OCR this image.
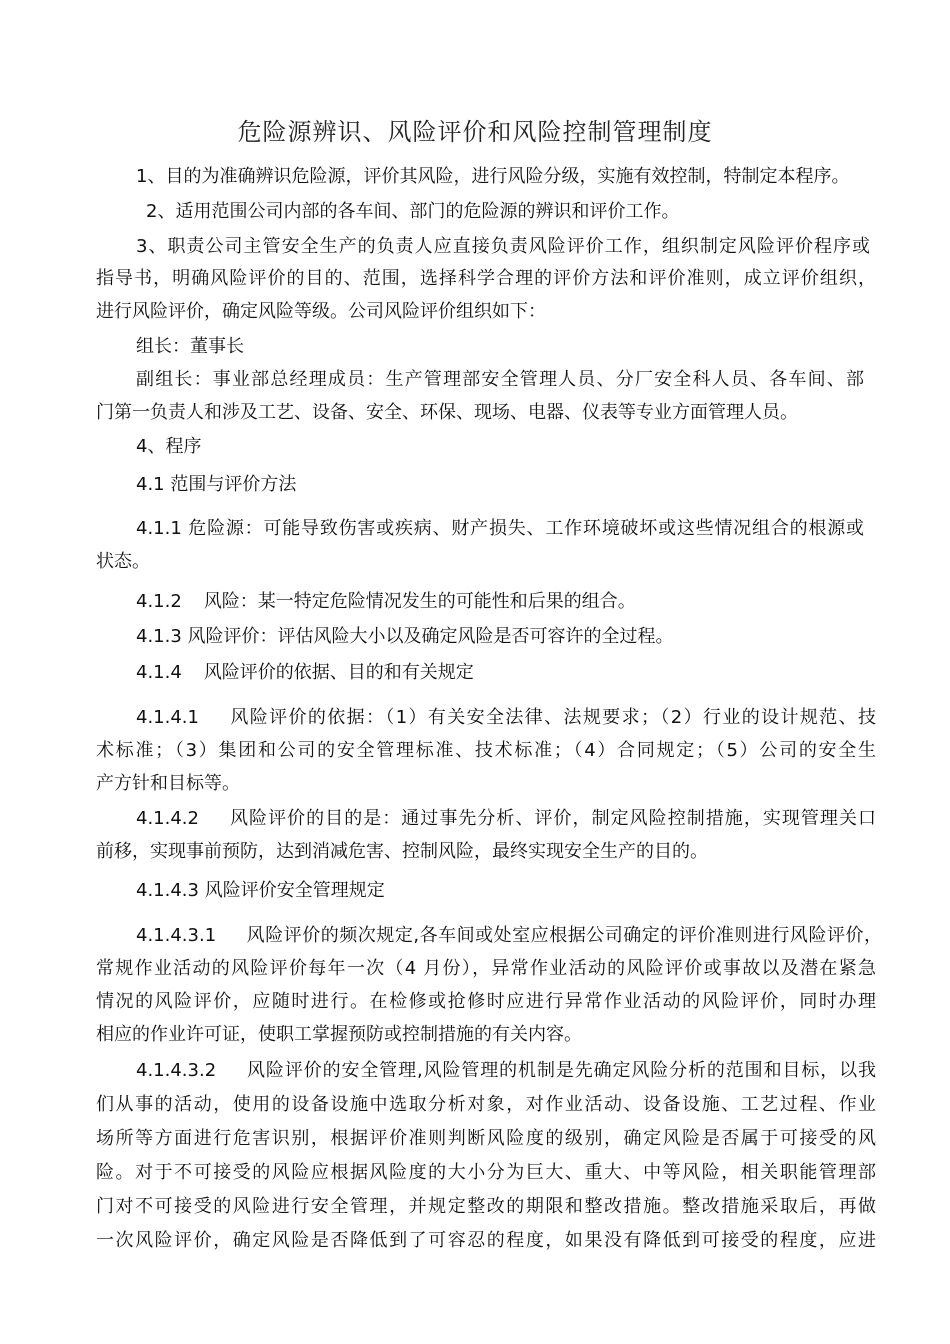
危险源辨识、风险评价和风险控制管理制度
1、目的为准确辨识危险源，评价其风险，进行风险分级，实施有效控制，特制定本程序。
2、适用范围公司内部的各车间、部门的危险源的辨识和评价工作。
3、职责公司主管安全生产的负责人应直接负责风险评价工作，组织制定风险评价程序或
指导书，明确风险评价的目的、范围，选择科学合理的评价方法和评价准则，成立评价组织，
进行风险评价，确定风险等级。公司风险评价组织如下：
组长：董事长
副组长：事业部总经理成员：生产管理部安全管理人员、分厂安全科人员、各车间、部
门第一负责人和涉及工艺、设备、安全、环保、现场、电器、仪表等专业方面管理人员。
4、程序
4.1 范围与评价方法
4.1.1 危险源：可能导致伤害或疾病、财产损失、工作环境破坏或这些情况组合的根源或
状态。
4.1.2 风险：某一特定危险情况发生的可能性和后果的组合。
4.1.3 风险评价：评估风险大小以及确定风险是否可容许的全过程。
4.1.4 风险评价的依据、目的和有关规定
4.1.4.1 风险评价的依据：（1）有关安全法律、法规要求；（2）行业的设计规范、技
术标准；（3）集团和公司的安全管理标准、技术标准；（4）合同规定；（5）公司的安全生
产方针和目标等。
4.1.4.2 风险评价的目的是：通过事先分析、评价，制定风险控制措施，实现管理关口
前移，实现事前预防，达到消减危害、控制风险，最终实现安全生产的目的。
4.1.4.3 风险评价安全管理规定
4.1.4.3.1 风险评价的频次规定,各车间或处室应根据公司确定的评价准则进行风险评价，
常规作业活动的风险评价每年一次（4 月份），异常作业活动的风险评价或事故以及潜在紧急
情况的风险评价，应随时进行。在检修或抢修时应进行异常作业活动的风险评价，同时办理
相应的作业许可证，使职工掌握预防或控制措施的有关内容。
4.1.4.3.2 风险评价的安全管理,风险管理的机制是先确定风险分析的范围和目标，以我
们从事的活动，使用的设备设施中选取分析对象，对作业活动、设备设施、工艺过程、作业
场所等方面进行危害识别，根据评价准则判断风险度的级别，确定风险是否属于可接受的风
险。对于不可接受的风险应根据风险度的大小分为巨大、重大、中等风险，相关职能管理部
门对不可接受的风险进行安全管理，并规定整改的期限和整改措施。整改措施采取后，再做
一次风险评价，确定风险是否降低到了可容忍的程度，如果没有降低到可接受的程度，应进
